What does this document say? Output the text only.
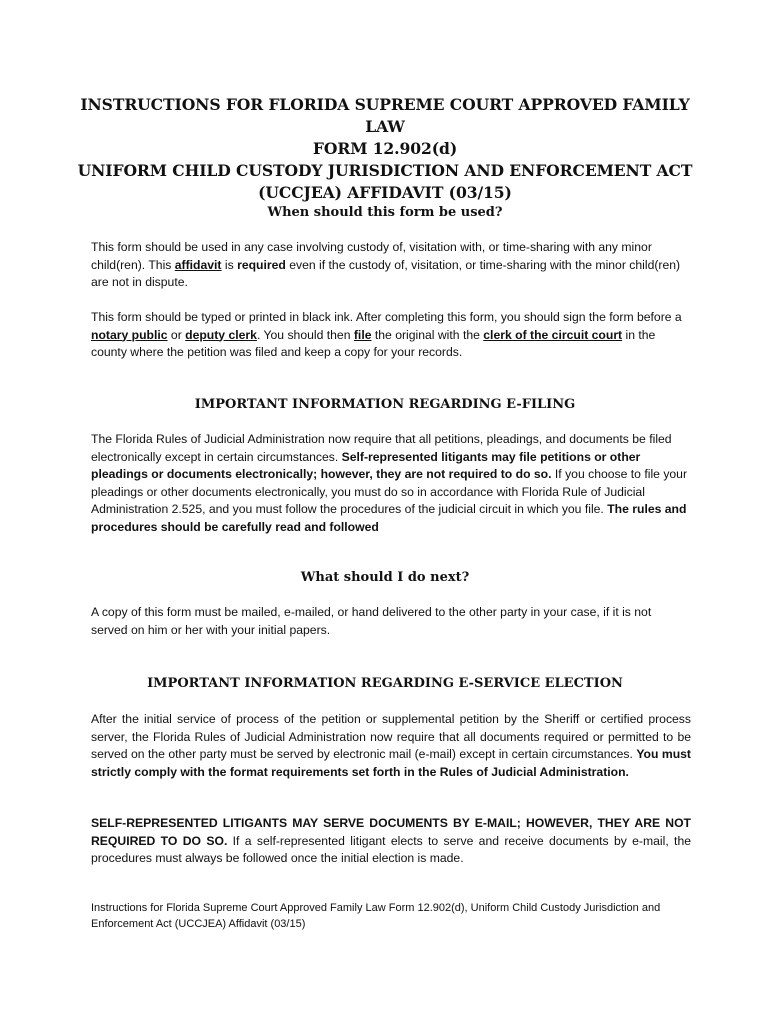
INSTRUCTIONS FOR FLORIDA SUPREME COURT APPROVED FAMILY LAW
FORM 12.902(d)
UNIFORM CHILD CUSTODY JURISDICTION AND ENFORCEMENT ACT
(UCCJEA) AFFIDAVIT (03/15)
When should this form be used?
This form should be used in any case involving custody of, visitation with, or time-sharing with any minor child(ren). This affidavit is required even if the custody of, visitation, or time-sharing with the minor child(ren) are not in dispute.
This form should be typed or printed in black ink. After completing this form, you should sign the form before a notary public or deputy clerk. You should then file the original with the clerk of the circuit court in the county where the petition was filed and keep a copy for your records.
IMPORTANT INFORMATION REGARDING E-FILING
The Florida Rules of Judicial Administration now require that all petitions, pleadings, and documents be filed electronically except in certain circumstances. Self-represented litigants may file petitions or other pleadings or documents electronically; however, they are not required to do so. If you choose to file your pleadings or other documents electronically, you must do so in accordance with Florida Rule of Judicial Administration 2.525, and you must follow the procedures of the judicial circuit in which you file. The rules and procedures should be carefully read and followed
What should I do next?
A copy of this form must be mailed, e-mailed, or hand delivered to the other party in your case, if it is not served on him or her with your initial papers.
IMPORTANT INFORMATION REGARDING E-SERVICE ELECTION
After the initial service of process of the petition or supplemental petition by the Sheriff or certified process server, the Florida Rules of Judicial Administration now require that all documents required or permitted to be served on the other party must be served by electronic mail (e-mail) except in certain circumstances. You must strictly comply with the format requirements set forth in the Rules of Judicial Administration.
SELF-REPRESENTED LITIGANTS MAY SERVE DOCUMENTS BY E-MAIL; HOWEVER, THEY ARE NOT REQUIRED TO DO SO. If a self-represented litigant elects to serve and receive documents by e-mail, the procedures must always be followed once the initial election is made.
Instructions for Florida Supreme Court Approved Family Law Form 12.902(d), Uniform Child Custody Jurisdiction and Enforcement Act (UCCJEA) Affidavit (03/15)
